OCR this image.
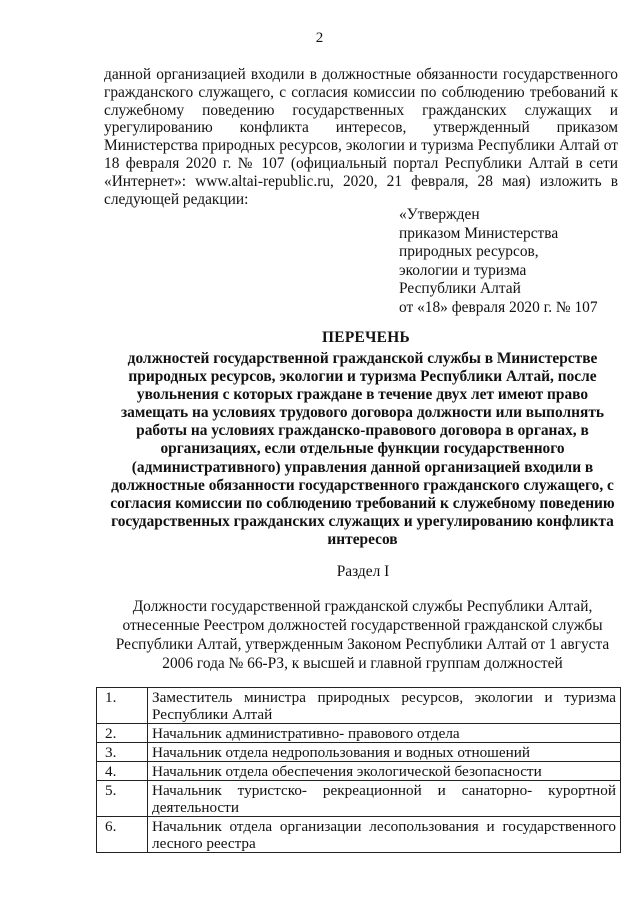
2
данной организацией входили в должностные обязанности государственного гражданского служащего, с согласия комиссии по соблюдению требований к служебному поведению государственных гражданских служащих и урегулированию конфликта интересов, утвержденный приказом Министерства природных ресурсов, экологии и туризма Республики Алтай от 18 февраля 2020 г. № 107 (официальный портал Республики Алтай в сети «Интернет»: www.altai-republic.ru, 2020, 21 февраля, 28 мая) изложить в следующей редакции:
«Утвержден
приказом Министерства
природных ресурсов,
экологии и туризма
Республики Алтай
от «18» февраля 2020 г. № 107
ПЕРЕЧЕНЬ
должностей государственной гражданской службы в Министерстве природных ресурсов, экологии и туризма Республики Алтай, после увольнения с которых граждане в течение двух лет имеют право замещать на условиях трудового договора должности или выполнять работы на условиях гражданско-правового договора в органах, в организациях, если отдельные функции государственного (административного) управления данной организацией входили в должностные обязанности государственного гражданского служащего, с согласия комиссии по соблюдению требований к служебному поведению государственных гражданских служащих и урегулированию конфликта интересов
Раздел I
Должности государственной гражданской службы Республики Алтай, отнесенные Реестром должностей государственной гражданской службы Республики Алтай, утвержденным Законом Республики Алтай от 1 августа 2006 года № 66-РЗ, к высшей и главной группам должностей
1.	Заместитель министра природных ресурсов, экологии и туризма Республики Алтай
2.	Начальник административно- правового отдела
3.	Начальник отдела недропользования и водных отношений
4.	Начальник отдела обеспечения экологической безопасности
5.	Начальник туристско- рекреационной и санаторно- курортной деятельности
6.	Начальник отдела организации лесопользования и государственного лесного реестра
